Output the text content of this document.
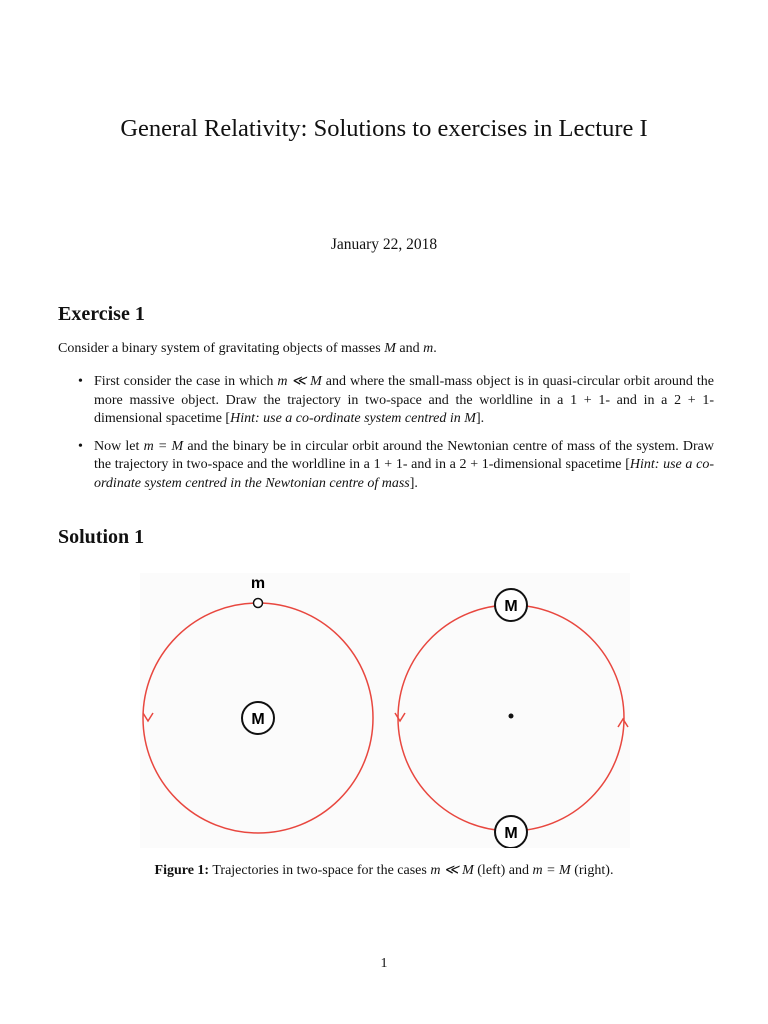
General Relativity: Solutions to exercises in Lecture I
January 22, 2018
Exercise 1
Consider a binary system of gravitating objects of masses M and m.
• First consider the case in which m ≪ M and where the small-mass object is in quasi-circular orbit around the more massive object. Draw the trajectory in two-space and the worldline in a 1 + 1- and in a 2 + 1-dimensional spacetime [Hint: use a co-ordinate system centred in M].
• Now let m = M and the binary be in circular orbit around the Newtonian centre of mass of the system. Draw the trajectory in two-space and the worldline in a 1 + 1- and in a 2 + 1-dimensional spacetime [Hint: use a co-ordinate system centred in the Newtonian centre of mass].
Solution 1
m
M
M
M
Figure 1: Trajectories in two-space for the cases m ≪ M (left) and m = M (right).
1
